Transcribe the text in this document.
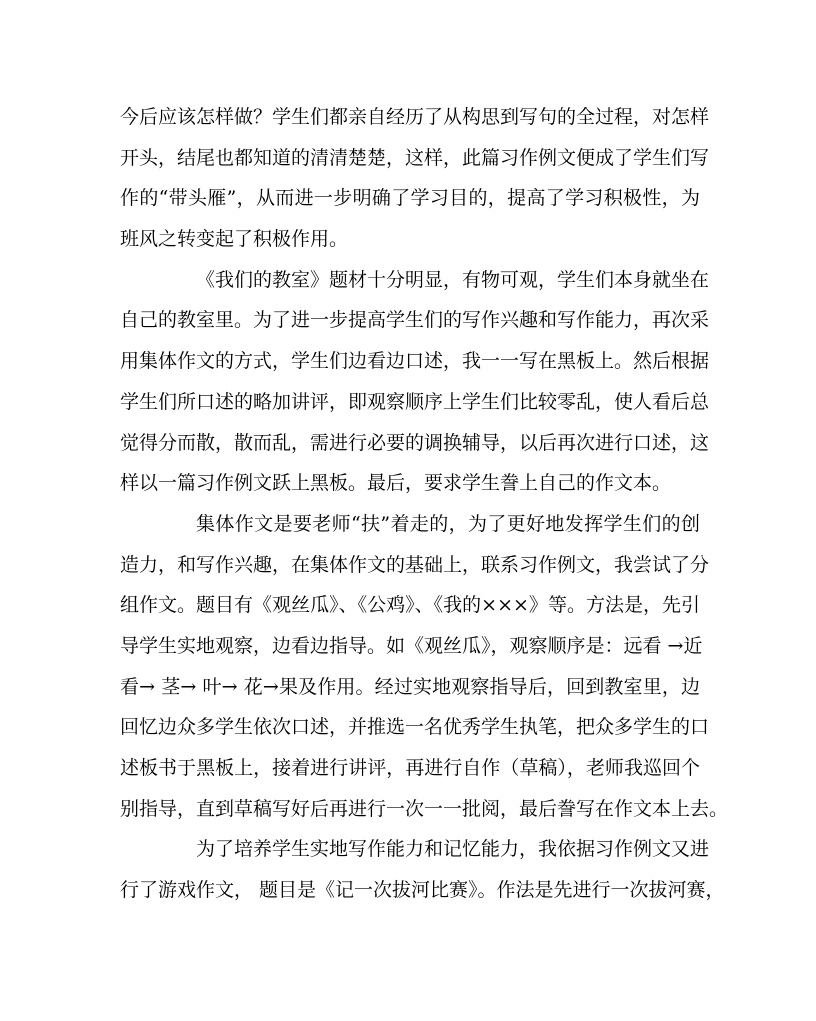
今后应该怎样做？学生们都亲自经历了从构思到写句的全过程，对怎样
开头，结尾也都知道的清清楚楚，这样，此篇习作例文便成了学生们写
作的“带头雁”，从而进一步明确了学习目的，提高了学习积极性，为
班风之转变起了积极作用。
《我们的教室》题材十分明显，有物可观，学生们本身就坐在
自己的教室里。为了进一步提高学生们的写作兴趣和写作能力，再次采
用集体作文的方式，学生们边看边口述，我一一写在黑板上。然后根据
学生们所口述的略加讲评，即观察顺序上学生们比较零乱，使人看后总
觉得分而散，散而乱，需进行必要的调换辅导，以后再次进行口述，这
样以一篇习作例文跃上黑板。最后，要求学生誊上自己的作文本。
集体作文是要老师“扶”着走的，为了更好地发挥学生们的创
造力，和写作兴趣，在集体作文的基础上，联系习作例文，我尝试了分
组作文。题目有《观丝瓜》、《公鸡》、《我的×××》等。方法是，先引
导学生实地观察，边看边指导。如《观丝瓜》，观察顺序是：远看 →近
看→ 茎→ 叶→ 花→果及作用。经过实地观察指导后，回到教室里，边
回忆边众多学生依次口述，并推选一名优秀学生执笔，把众多学生的口
述板书于黑板上，接着进行讲评，再进行自作（草稿），老师我巡回个
别指导，直到草稿写好后再进行一次一一批阅，最后誊写在作文本上去。
为了培养学生实地写作能力和记忆能力，我依据习作例文又进
行了游戏作文， 题目是《记一次拔河比赛》。作法是先进行一次拔河赛，
